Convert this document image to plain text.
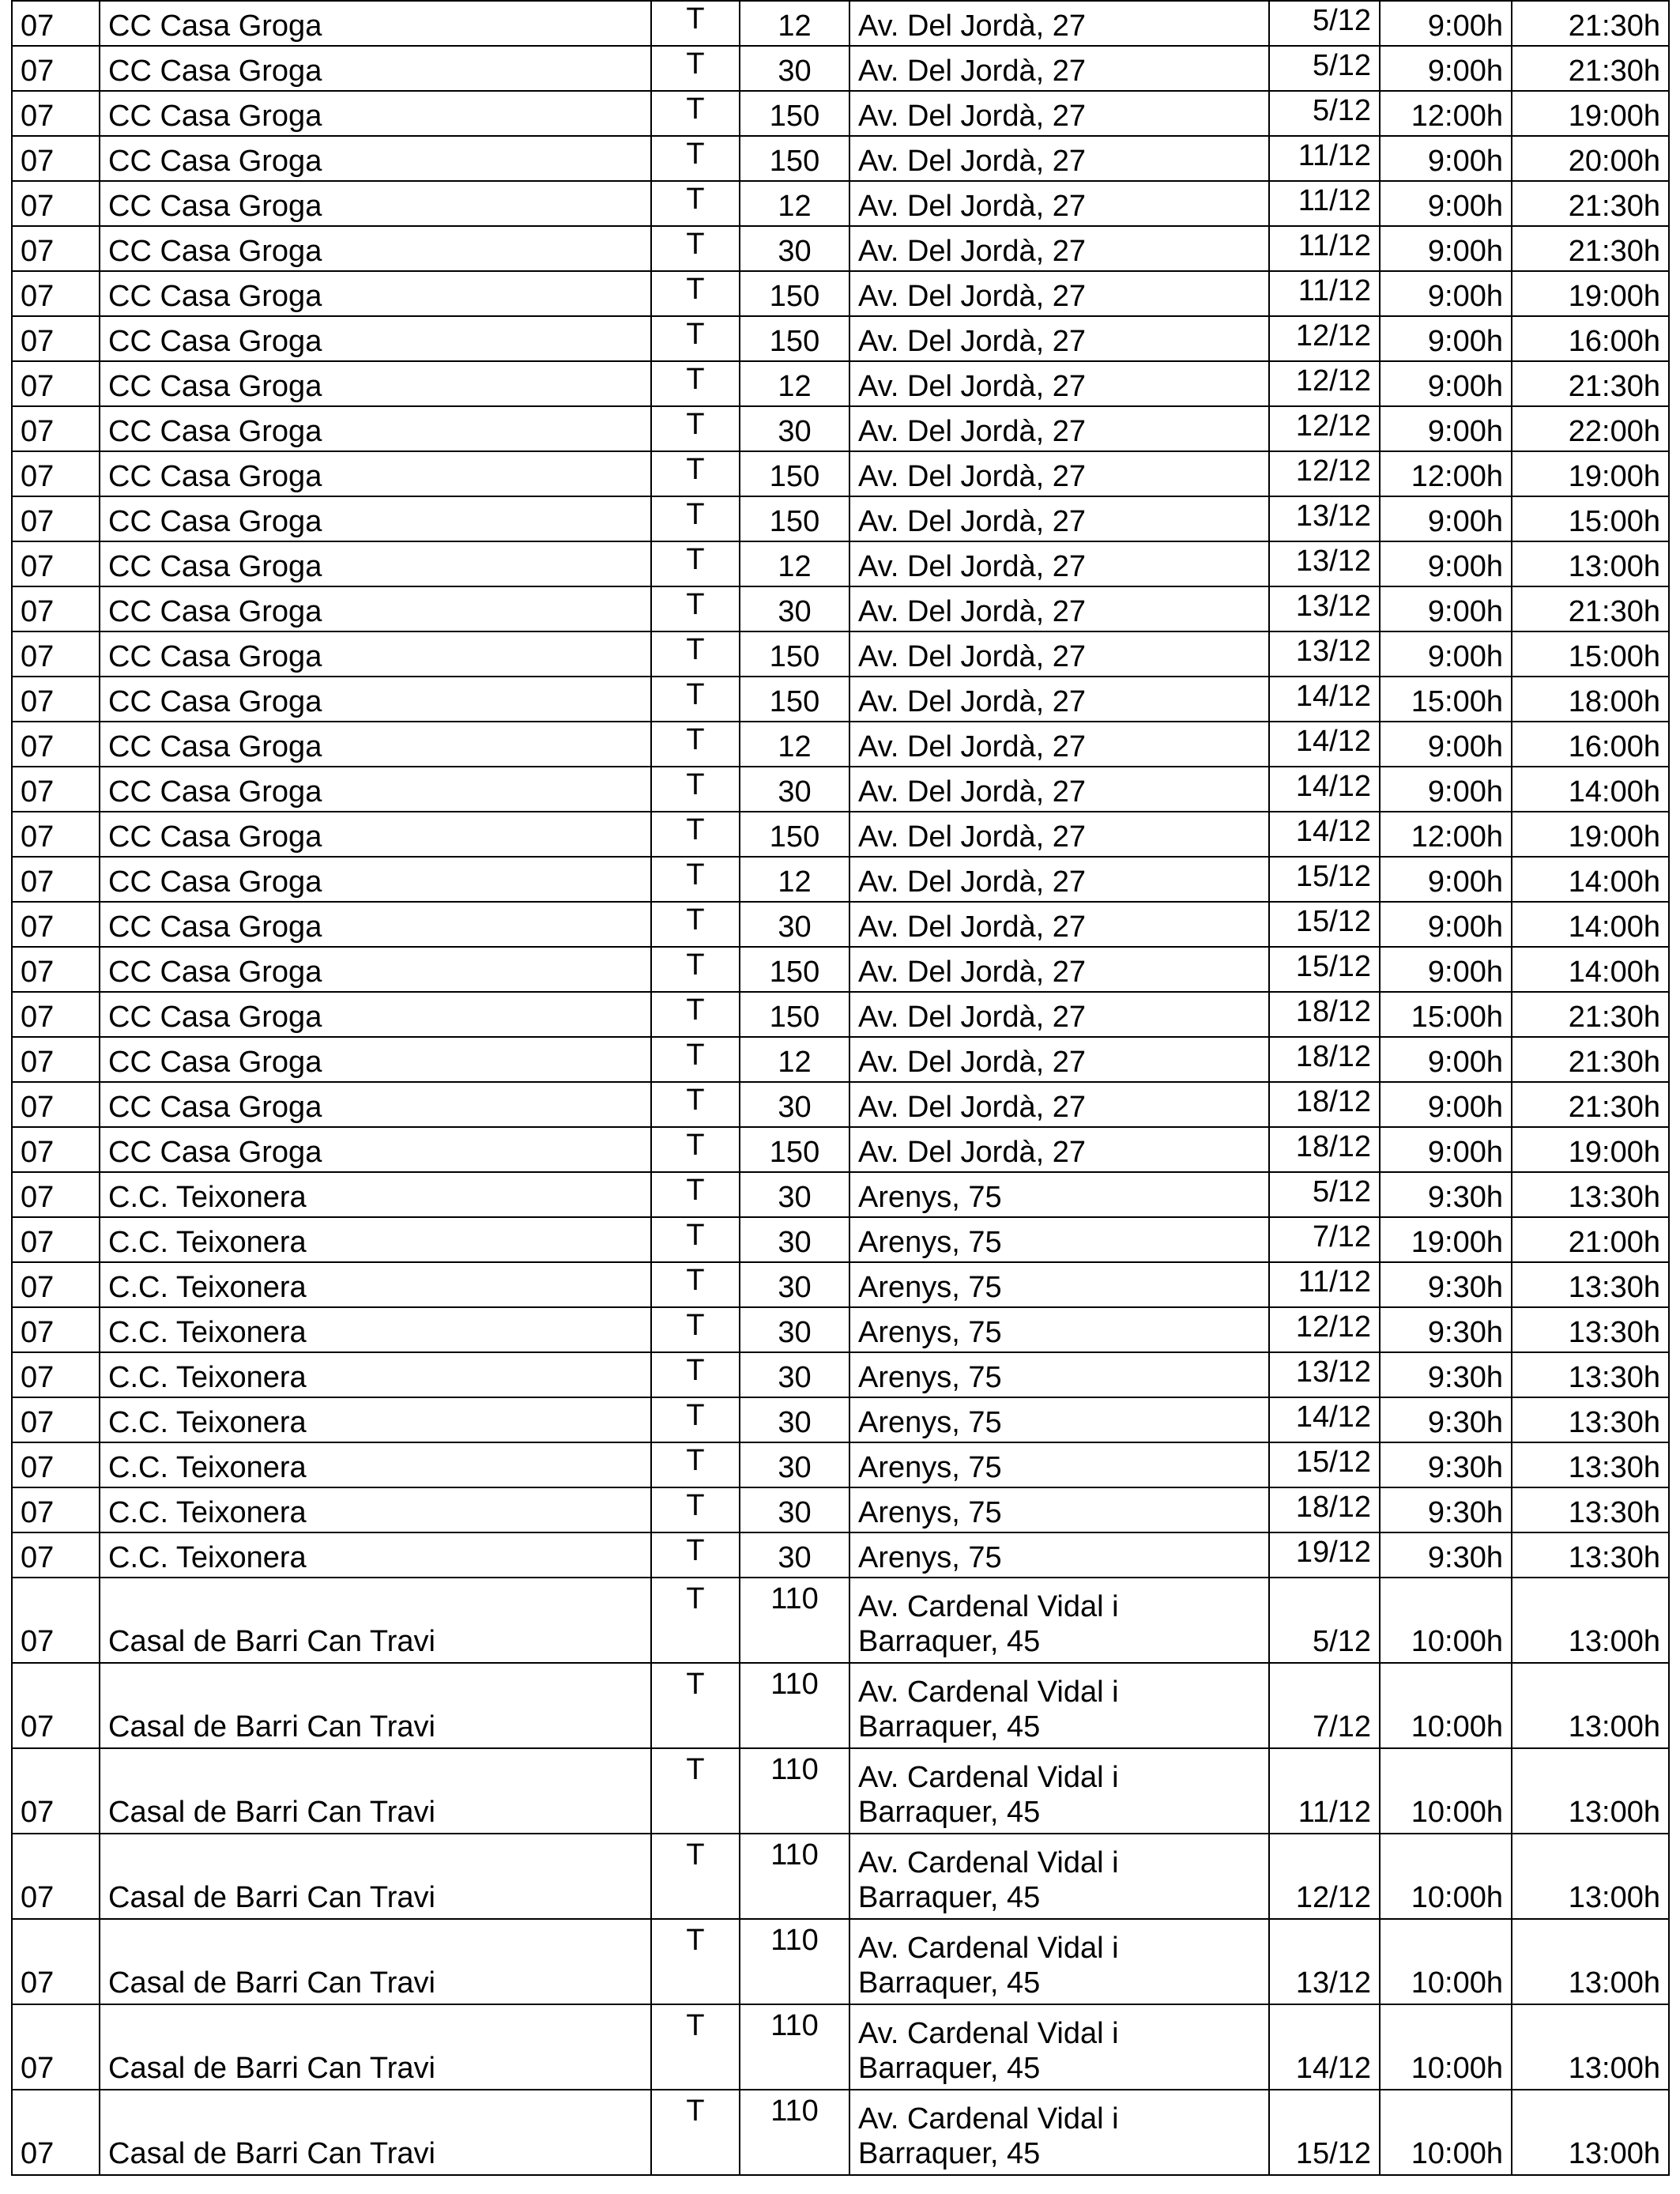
07	CC Casa Groga	T	12	Av. Del Jordà, 27	5/12	9:00h	21:30h
07	CC Casa Groga	T	30	Av. Del Jordà, 27	5/12	9:00h	21:30h
07	CC Casa Groga	T	150	Av. Del Jordà, 27	5/12	12:00h	19:00h
07	CC Casa Groga	T	150	Av. Del Jordà, 27	11/12	9:00h	20:00h
07	CC Casa Groga	T	12	Av. Del Jordà, 27	11/12	9:00h	21:30h
07	CC Casa Groga	T	30	Av. Del Jordà, 27	11/12	9:00h	21:30h
07	CC Casa Groga	T	150	Av. Del Jordà, 27	11/12	9:00h	19:00h
07	CC Casa Groga	T	150	Av. Del Jordà, 27	12/12	9:00h	16:00h
07	CC Casa Groga	T	12	Av. Del Jordà, 27	12/12	9:00h	21:30h
07	CC Casa Groga	T	30	Av. Del Jordà, 27	12/12	9:00h	22:00h
07	CC Casa Groga	T	150	Av. Del Jordà, 27	12/12	12:00h	19:00h
07	CC Casa Groga	T	150	Av. Del Jordà, 27	13/12	9:00h	15:00h
07	CC Casa Groga	T	12	Av. Del Jordà, 27	13/12	9:00h	13:00h
07	CC Casa Groga	T	30	Av. Del Jordà, 27	13/12	9:00h	21:30h
07	CC Casa Groga	T	150	Av. Del Jordà, 27	13/12	9:00h	15:00h
07	CC Casa Groga	T	150	Av. Del Jordà, 27	14/12	15:00h	18:00h
07	CC Casa Groga	T	12	Av. Del Jordà, 27	14/12	9:00h	16:00h
07	CC Casa Groga	T	30	Av. Del Jordà, 27	14/12	9:00h	14:00h
07	CC Casa Groga	T	150	Av. Del Jordà, 27	14/12	12:00h	19:00h
07	CC Casa Groga	T	12	Av. Del Jordà, 27	15/12	9:00h	14:00h
07	CC Casa Groga	T	30	Av. Del Jordà, 27	15/12	9:00h	14:00h
07	CC Casa Groga	T	150	Av. Del Jordà, 27	15/12	9:00h	14:00h
07	CC Casa Groga	T	150	Av. Del Jordà, 27	18/12	15:00h	21:30h
07	CC Casa Groga	T	12	Av. Del Jordà, 27	18/12	9:00h	21:30h
07	CC Casa Groga	T	30	Av. Del Jordà, 27	18/12	9:00h	21:30h
07	CC Casa Groga	T	150	Av. Del Jordà, 27	18/12	9:00h	19:00h
07	C.C. Teixonera	T	30	Arenys, 75	5/12	9:30h	13:30h
07	C.C. Teixonera	T	30	Arenys, 75	7/12	19:00h	21:00h
07	C.C. Teixonera	T	30	Arenys, 75	11/12	9:30h	13:30h
07	C.C. Teixonera	T	30	Arenys, 75	12/12	9:30h	13:30h
07	C.C. Teixonera	T	30	Arenys, 75	13/12	9:30h	13:30h
07	C.C. Teixonera	T	30	Arenys, 75	14/12	9:30h	13:30h
07	C.C. Teixonera	T	30	Arenys, 75	15/12	9:30h	13:30h
07	C.C. Teixonera	T	30	Arenys, 75	18/12	9:30h	13:30h
07	C.C. Teixonera	T	30	Arenys, 75	19/12	9:30h	13:30h
07	Casal de Barri Can Travi	T	110	Av. Cardenal Vidal i Barraquer, 45	5/12	10:00h	13:00h
07	Casal de Barri Can Travi	T	110	Av. Cardenal Vidal i Barraquer, 45	7/12	10:00h	13:00h
07	Casal de Barri Can Travi	T	110	Av. Cardenal Vidal i Barraquer, 45	11/12	10:00h	13:00h
07	Casal de Barri Can Travi	T	110	Av. Cardenal Vidal i Barraquer, 45	12/12	10:00h	13:00h
07	Casal de Barri Can Travi	T	110	Av. Cardenal Vidal i Barraquer, 45	13/12	10:00h	13:00h
07	Casal de Barri Can Travi	T	110	Av. Cardenal Vidal i Barraquer, 45	14/12	10:00h	13:00h
07	Casal de Barri Can Travi	T	110	Av. Cardenal Vidal i Barraquer, 45	15/12	10:00h	13:00h
